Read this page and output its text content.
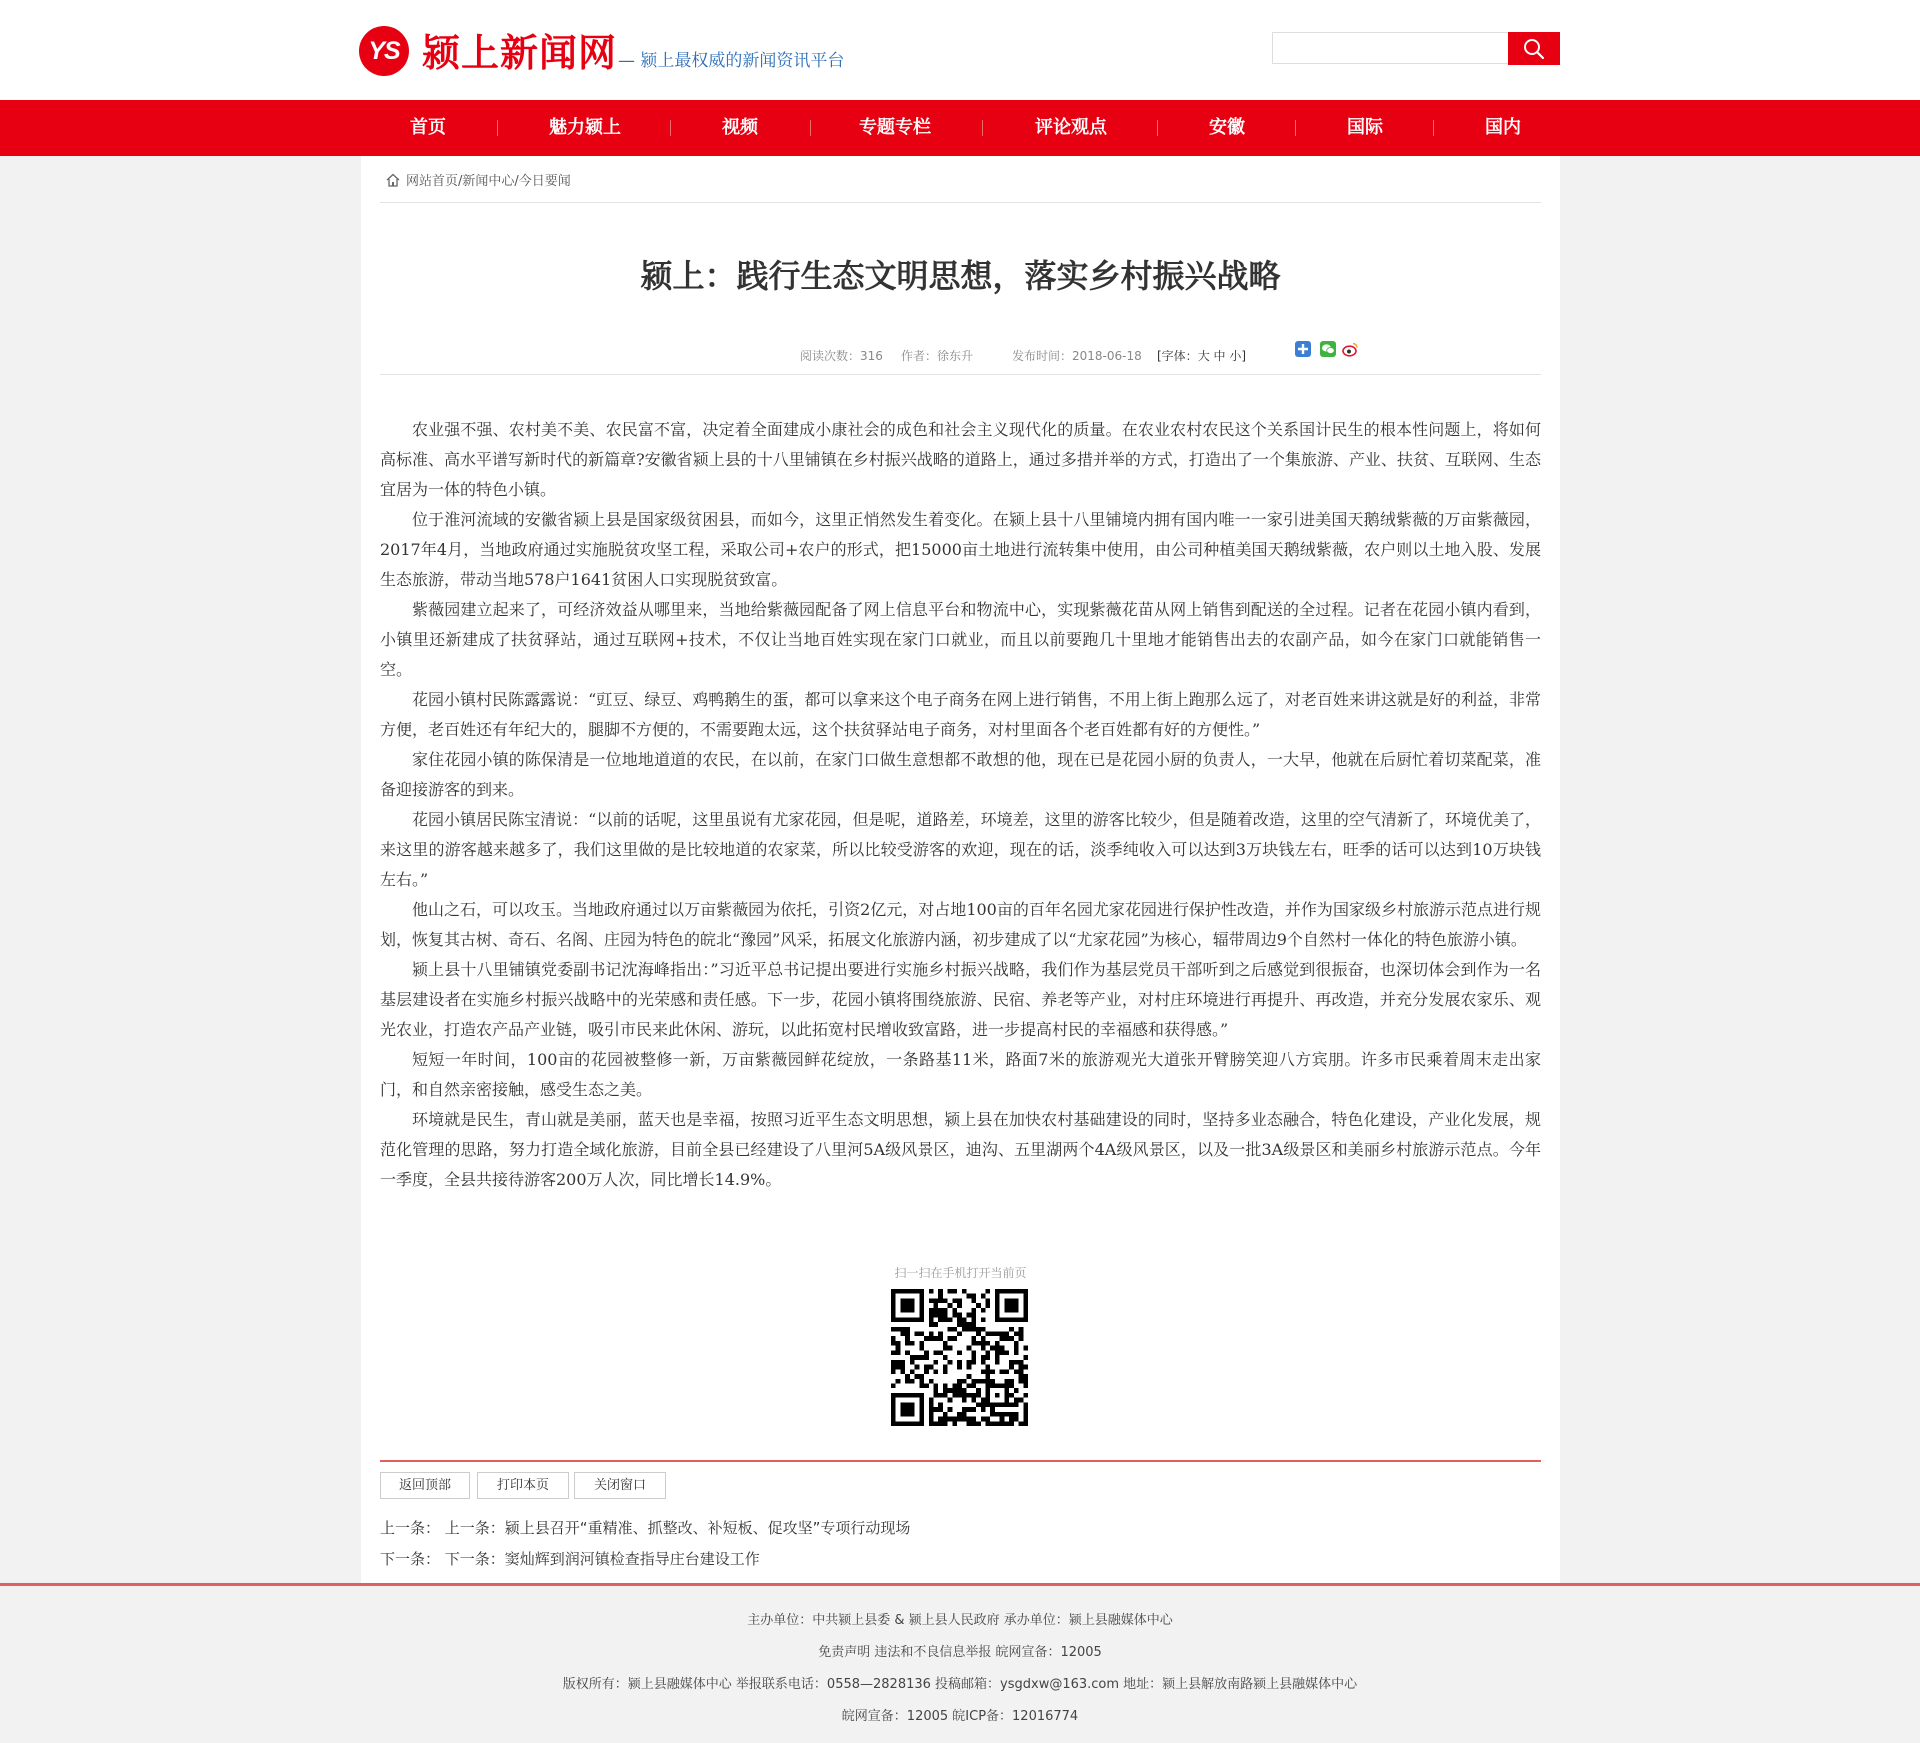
YS 颍上新闻网 — 颍上最权威的新闻资讯平台
首页	魅力颍上	视频	专题专栏	评论观点	安徽	国际	国内
网站首页/新闻中心/今日要闻
颍上：践行生态文明思想，落实乡村振兴战略
阅读次数：316 作者：徐东升	发布时间：2018-06-18 [字体：大 中 小]

农业强不强、农村美不美、农民富不富，决定着全面建成小康社会的成色和社会主义现代化的质量。在农业农村农民这个关系国计民生的根本性问题上，将如何高标准、高水平谱写新时代的新篇章?安徽省颍上县的十八里铺镇在乡村振兴战略的道路上，通过多措并举的方式，打造出了一个集旅游、产业、扶贫、互联网、生态宜居为一体的特色小镇。

位于淮河流域的安徽省颍上县是国家级贫困县，而如今，这里正悄然发生着变化。在颍上县十八里铺境内拥有国内唯一一家引进美国天鹅绒紫薇的万亩紫薇园，2017年4月，当地政府通过实施脱贫攻坚工程，采取公司+农户的形式，把15000亩土地进行流转集中使用，由公司种植美国天鹅绒紫薇，农户则以土地入股、发展生态旅游，带动当地578户1641贫困人口实现脱贫致富。

紫薇园建立起来了，可经济效益从哪里来，当地给紫薇园配备了网上信息平台和物流中心，实现紫薇花苗从网上销售到配送的全过程。记者在花园小镇内看到，小镇里还新建成了扶贫驿站，通过互联网+技术，不仅让当地百姓实现在家门口就业，而且以前要跑几十里地才能销售出去的农副产品，如今在家门口就能销售一空。

花园小镇村民陈露露说：“豇豆、绿豆、鸡鸭鹅生的蛋，都可以拿来这个电子商务在网上进行销售，不用上街上跑那么远了，对老百姓来讲这就是好的利益，非常方便，老百姓还有年纪大的，腿脚不方便的，不需要跑太远，这个扶贫驿站电子商务，对村里面各个老百姓都有好的方便性。”

家住花园小镇的陈保清是一位地地道道的农民，在以前，在家门口做生意想都不敢想的他，现在已是花园小厨的负责人，一大早，他就在后厨忙着切菜配菜，准备迎接游客的到来。

花园小镇居民陈宝清说：“以前的话呢，这里虽说有尤家花园，但是呢，道路差，环境差，这里的游客比较少，但是随着改造，这里的空气清新了，环境优美了，来这里的游客越来越多了，我们这里做的是比较地道的农家菜，所以比较受游客的欢迎，现在的话，淡季纯收入可以达到3万块钱左右，旺季的话可以达到10万块钱左右。”

他山之石，可以攻玉。当地政府通过以万亩紫薇园为依托，引资2亿元，对占地100亩的百年名园尤家花园进行保护性改造，并作为国家级乡村旅游示范点进行规划，恢复其古树、奇石、名阁、庄园为特色的皖北“豫园”风采，拓展文化旅游内涵，初步建成了以“尤家花园”为核心，辐带周边9个自然村一体化的特色旅游小镇。

颍上县十八里铺镇党委副书记沈海峰指出：”习近平总书记提出要进行实施乡村振兴战略，我们作为基层党员干部听到之后感觉到很振奋，也深切体会到作为一名基层建设者在实施乡村振兴战略中的光荣感和责任感。下一步，花园小镇将围绕旅游、民宿、养老等产业，对村庄环境进行再提升、再改造，并充分发展农家乐、观光农业，打造农产品产业链，吸引市民来此休闲、游玩，以此拓宽村民增收致富路，进一步提高村民的幸福感和获得感。”

短短一年时间，100亩的花园被整修一新，万亩紫薇园鲜花绽放，一条路基11米，路面7米的旅游观光大道张开臂膀笑迎八方宾朋。许多市民乘着周末走出家门，和自然亲密接触，感受生态之美。

环境就是民生，青山就是美丽，蓝天也是幸福，按照习近平生态文明思想，颍上县在加快农村基础建设的同时，坚持多业态融合，特色化建设，产业化发展，规范化管理的思路，努力打造全域化旅游，目前全县已经建设了八里河5A级风景区，迪沟、五里湖两个4A级风景区，以及一批3A级景区和美丽乡村旅游示范点。今年一季度，全县共接待游客200万人次，同比增长14.9%。

扫一扫在手机打开当前页
返回顶部	打印本页	关闭窗口
上一条： 上一条：颍上县召开“重精准、抓整改、补短板、促攻坚”专项行动现场
下一条： 下一条：窦灿辉到润河镇检查指导庄台建设工作
主办单位：中共颍上县委 & 颍上县人民政府 承办单位：颍上县融媒体中心
免责声明 违法和不良信息举报 皖网宣备：12005
版权所有：颍上县融媒体中心 举报联系电话：0558—2828136 投稿邮箱：ysgdxw@163.com 地址：颍上县解放南路颍上县融媒体中心
皖网宣备：12005 皖ICP备：12016774
